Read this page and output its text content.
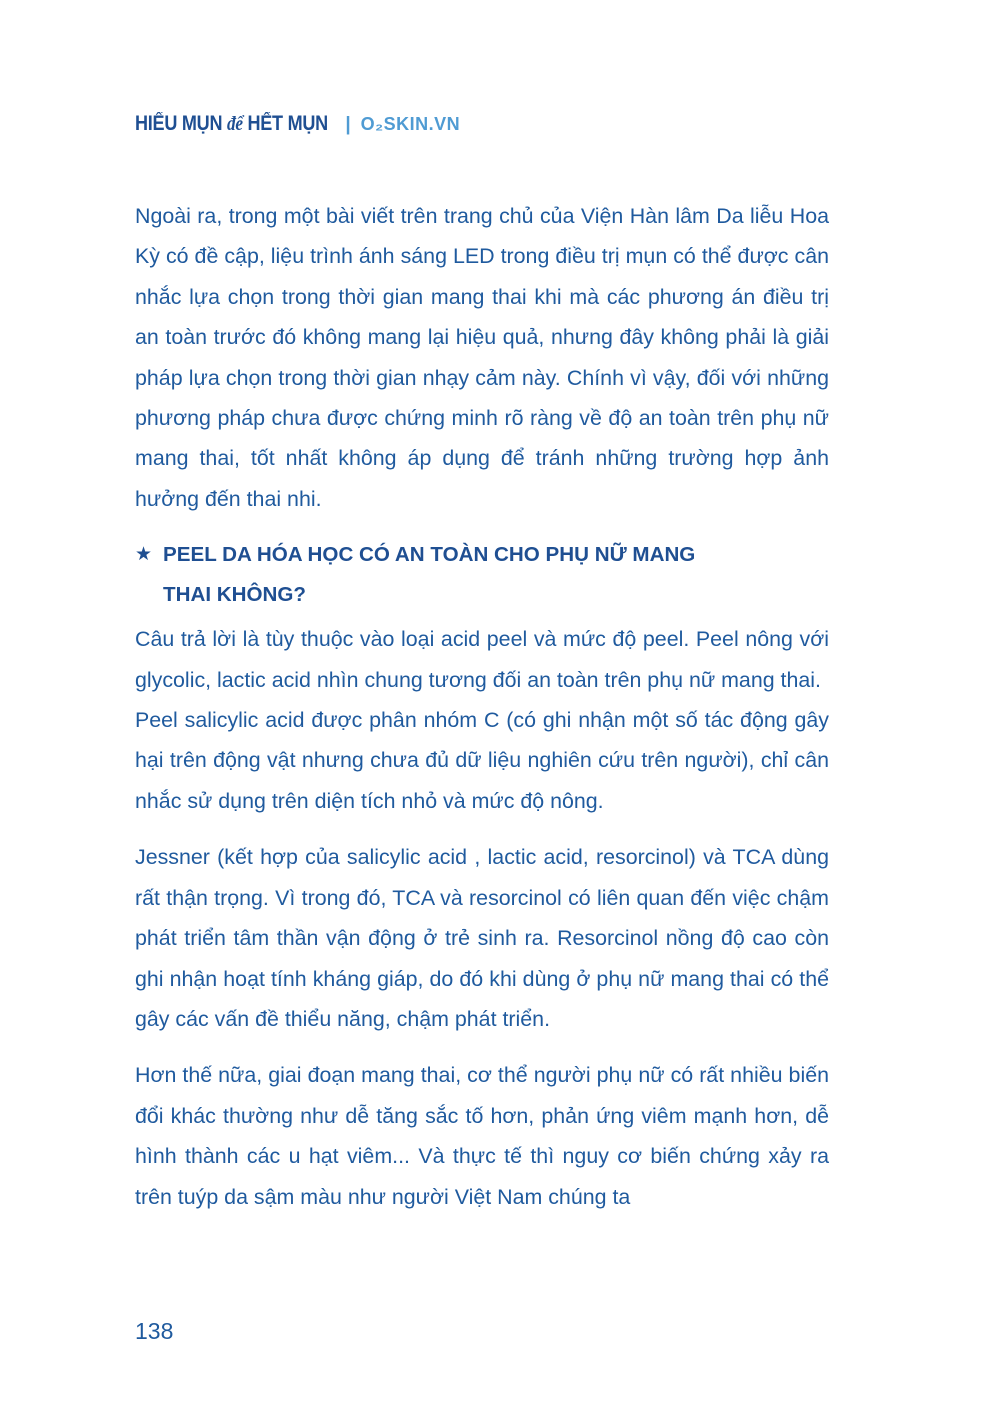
HIỂU MỤN để HẾT MỤN | O₂SKIN.VN

Ngoài ra, trong một bài viết trên trang chủ của Viện Hàn lâm Da liễu Hoa Kỳ có đề cập, liệu trình ánh sáng LED trong điều trị mụn có thể được cân nhắc lựa chọn trong thời gian mang thai khi mà các phương án điều trị an toàn trước đó không mang lại hiệu quả, nhưng đây không phải là giải pháp lựa chọn trong thời gian nhạy cảm này. Chính vì vậy, đối với những phương pháp chưa được chứng minh rõ ràng về độ an toàn trên phụ nữ mang thai, tốt nhất không áp dụng để tránh những trường hợp ảnh hưởng đến thai nhi.

★ PEEL DA HÓA HỌC CÓ AN TOÀN CHO PHỤ NỮ MANG THAI KHÔNG?

Câu trả lời là tùy thuộc vào loại acid peel và mức độ peel. Peel nông với glycolic, lactic acid nhìn chung tương đối an toàn trên phụ nữ mang thai.

Peel salicylic acid được phân nhóm C (có ghi nhận một số tác động gây hại trên động vật nhưng chưa đủ dữ liệu nghiên cứu trên người), chỉ cân nhắc sử dụng trên diện tích nhỏ và mức độ nông.

Jessner (kết hợp của salicylic acid , lactic acid, resorcinol) và TCA dùng rất thận trọng. Vì trong đó, TCA và resorcinol có liên quan đến việc chậm phát triển tâm thần vận động ở trẻ sinh ra. Resorcinol nồng độ cao còn ghi nhận hoạt tính kháng giáp, do đó khi dùng ở phụ nữ mang thai có thể gây các vấn đề thiểu năng, chậm phát triển.

Hơn thế nữa, giai đoạn mang thai, cơ thể người phụ nữ có rất nhiều biến đổi khác thường như dễ tăng sắc tố hơn, phản ứng viêm mạnh hơn, dễ hình thành các u hạt viêm... Và thực tế thì nguy cơ biến chứng xảy ra trên tuýp da sậm màu như người Việt Nam chúng ta

138
